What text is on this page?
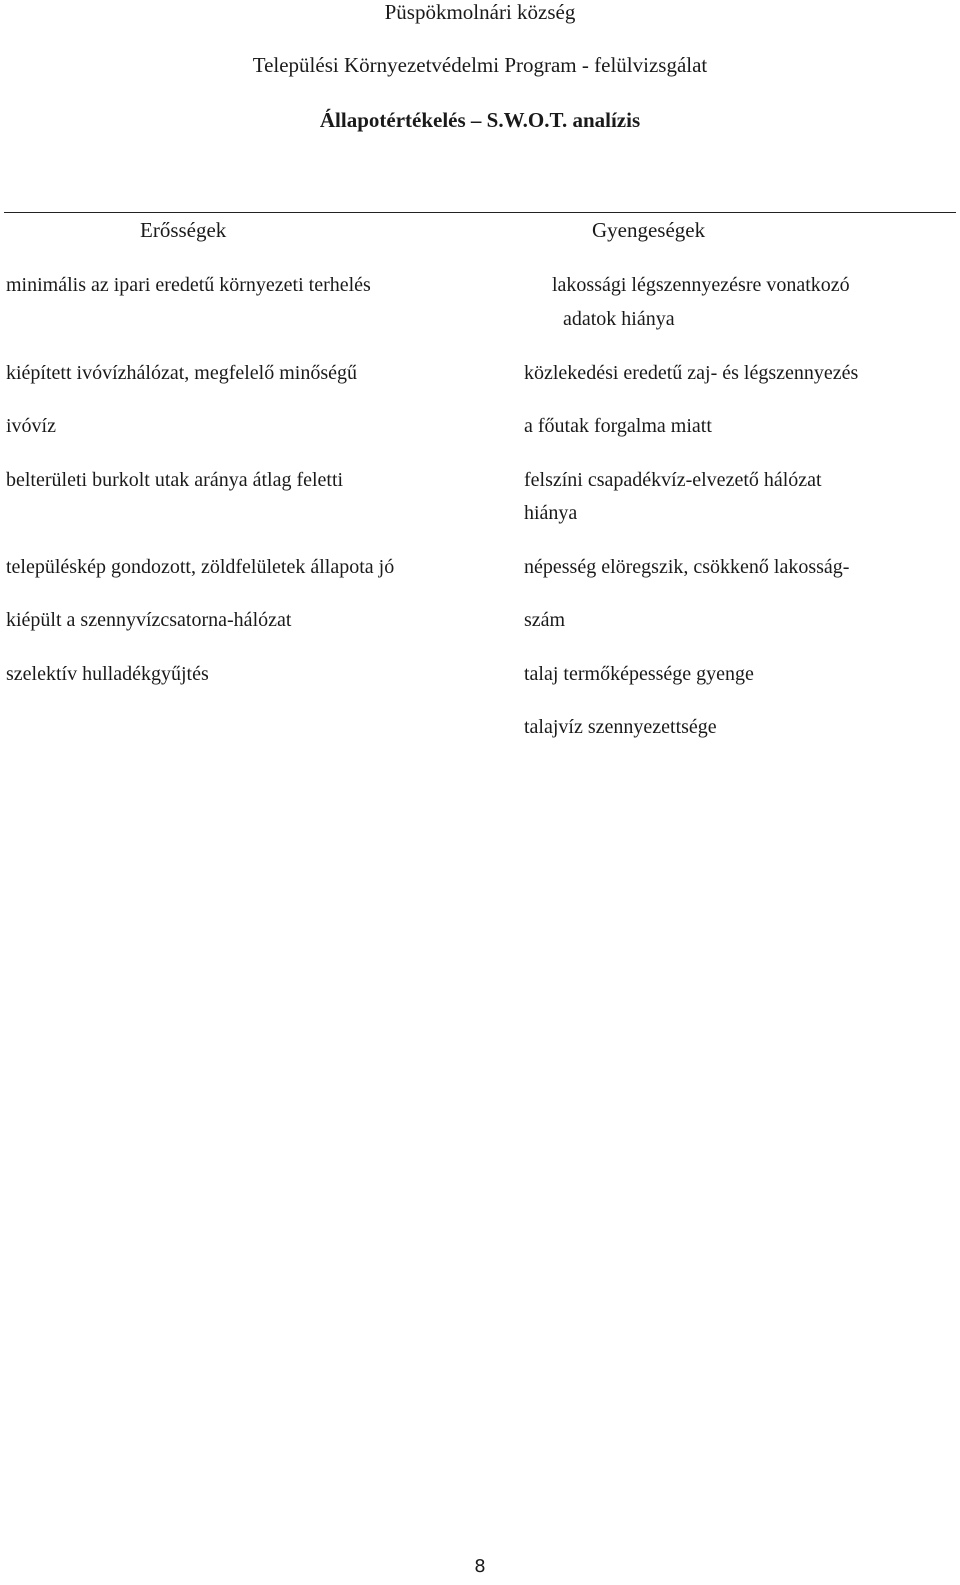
Püspökmolnári község
Települési Környezetvédelmi Program - felülvizsgálat
Állapotértékelés – S.W.O.T. analízis
Erősségek	Gyengeségek
minimális az ipari eredetű környezeti terhelés
kiépített ivóvízhálózat, megfelelő minőségű
ivóvíz
belterületi burkolt utak aránya átlag feletti
településkép gondozott, zöldfelületek állapota jó
kiépült a szennyvízcsatorna-hálózat
szelektív hulladékgyűjtés
lakossági légszennyezésre vonatkozó
adatok hiánya
közlekedési eredetű zaj- és légszennyezés
a főutak forgalma miatt
felszíni csapadékvíz-elvezető hálózat
hiánya
népesség elöregszik, csökkenő lakosság-
szám
talaj termőképessége gyenge
talajvíz szennyezettsége
8
